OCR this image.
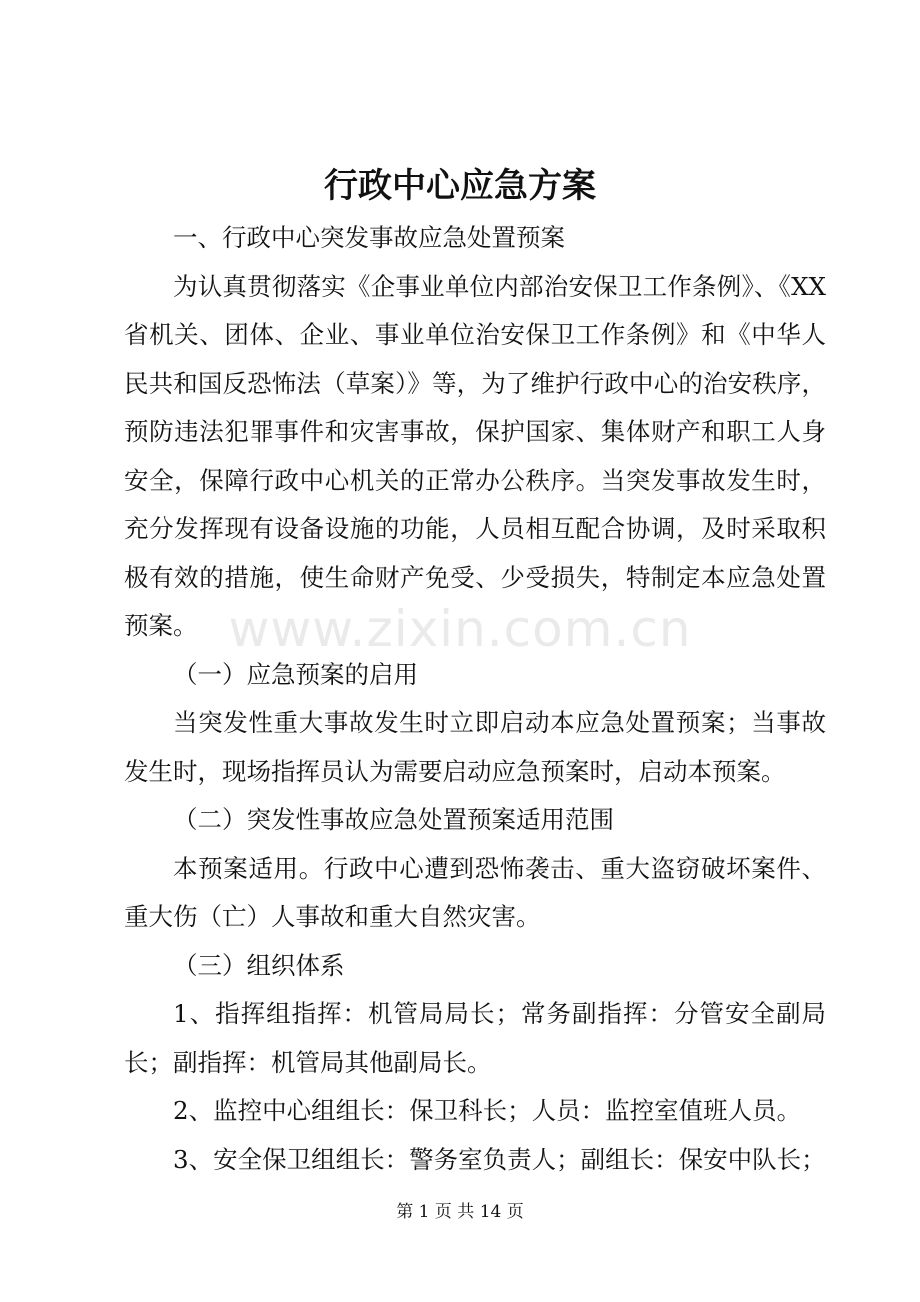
行政中心应急方案

一、行政中心突发事故应急处置预案

为认真贯彻落实《企事业单位内部治安保卫工作条例》、《XX省机关、团体、企业、事业单位治安保卫工作条例》和《中华人民共和国反恐怖法（草案）》等，为了维护行政中心的治安秩序，预防违法犯罪事件和灾害事故，保护国家、集体财产和职工人身安全，保障行政中心机关的正常办公秩序。当突发事故发生时，充分发挥现有设备设施的功能，人员相互配合协调，及时采取积极有效的措施，使生命财产免受、少受损失，特制定本应急处置预案。

（一）应急预案的启用

当突发性重大事故发生时立即启动本应急处置预案；当事故发生时，现场指挥员认为需要启动应急预案时，启动本预案。

（二）突发性事故应急处置预案适用范围

本预案适用。行政中心遭到恐怖袭击、重大盗窃破坏案件、重大伤（亡）人事故和重大自然灾害。

（三）组织体系

1、指挥组指挥：机管局局长；常务副指挥：分管安全副局长；副指挥：机管局其他副局长。

2、监控中心组组长：保卫科长；人员：监控室值班人员。

3、安全保卫组组长：警务室负责人；副组长：保安中队长；

www.zixin.com.cn
第 1 页 共 14 页
